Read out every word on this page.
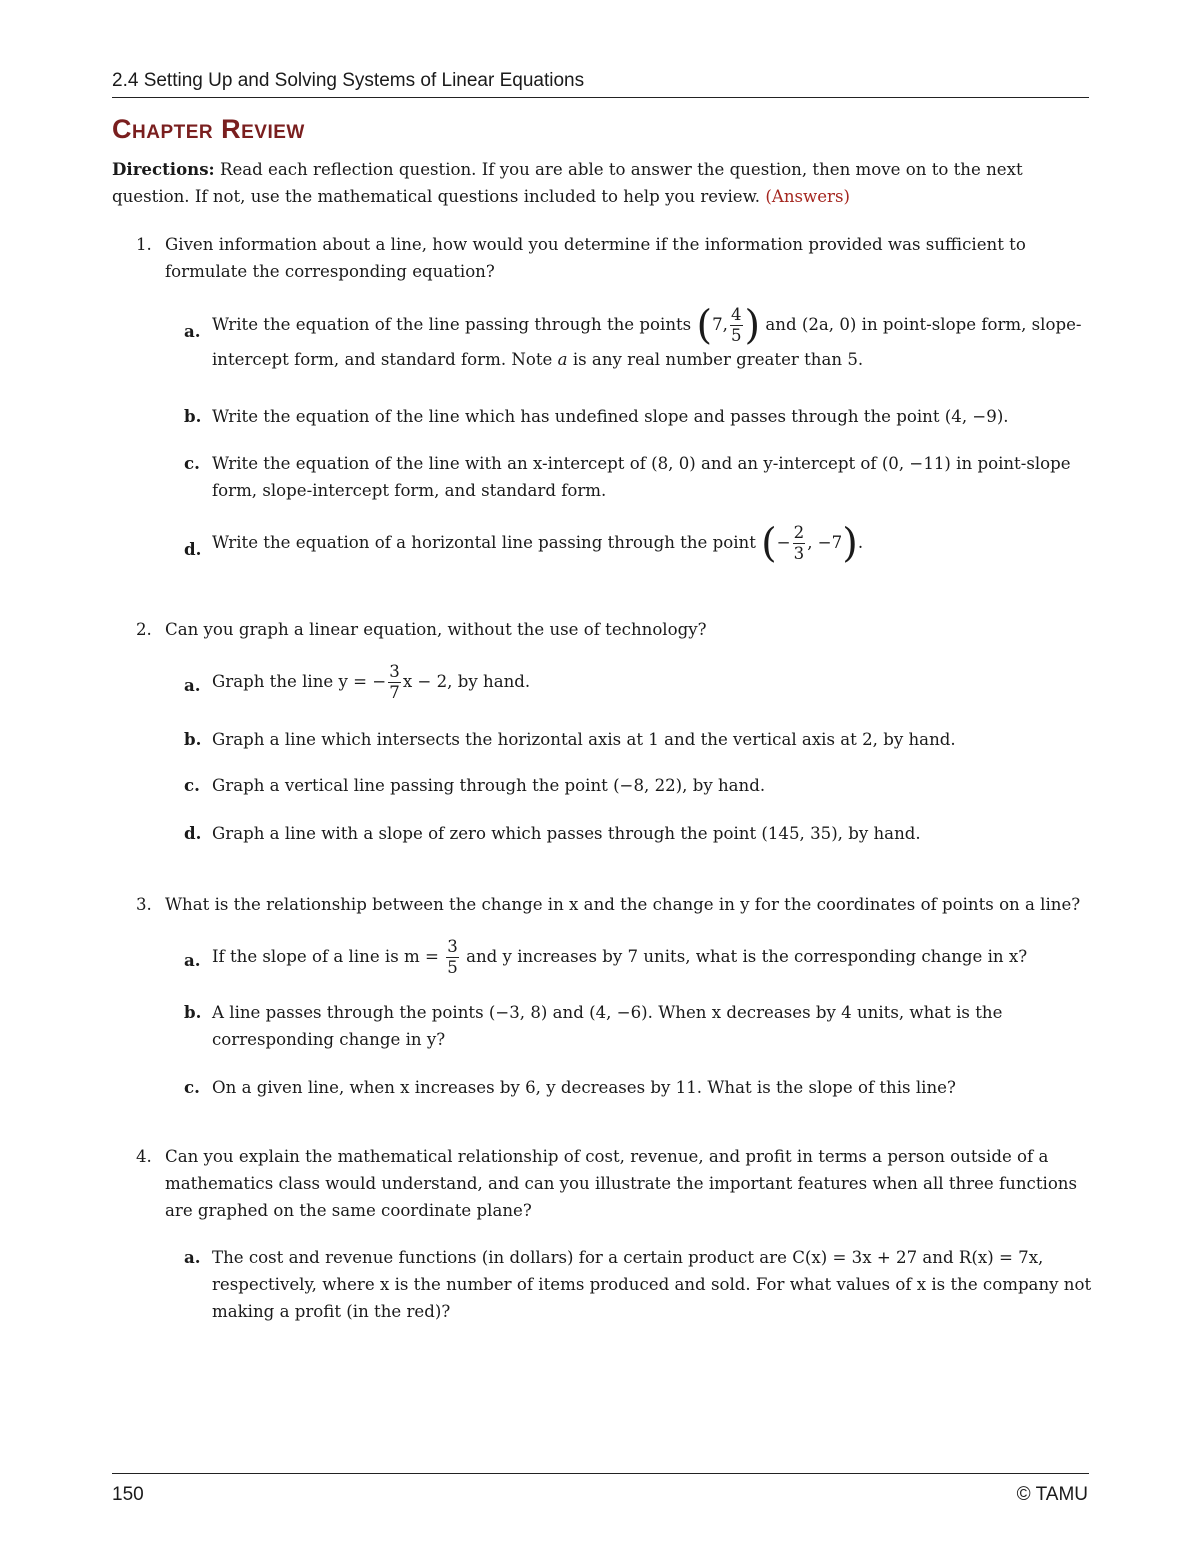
2.4 Setting Up and Solving Systems of Linear Equations
Chapter Review
Directions: Read each reflection question. If you are able to answer the question, then move on to the next question. If not, use the mathematical questions included to help you review. (Answers)
1. Given information about a line, how would you determine if the information provided was sufficient to formulate the corresponding equation?
a. Write the equation of the line passing through the points (7, $\frac{4}{5}$ ) and (2a, 0) in point-slope form, slope-intercept form, and standard form. Note a is any real number greater than 5.
b. Write the equation of the line which has undefined slope and passes through the point (4, −9).
c. Write the equation of the line with an x-intercept of (8, 0) and an y-intercept of (0, −11) in point-slope form, slope-intercept form, and standard form.
d. Write the equation of a horizontal line passing through the point (− $\frac{2}{3}$ , −7).
2. Can you graph a linear equation, without the use of technology?
a. Graph the line y = − $\frac{3}{7}$ x − 2, by hand.
b. Graph a line which intersects the horizontal axis at 1 and the vertical axis at 2, by hand.
c. Graph a vertical line passing through the point (−8, 22), by hand.
d. Graph a line with a slope of zero which passes through the point (145, 35), by hand.
3. What is the relationship between the change in x and the change in y for the coordinates of points on a line?
a. If the slope of a line is $m = \frac{3}{5}$ and y increases by 7 units, what is the corresponding change in x?
b. A line passes through the points (−3, 8) and (4, −6). When x decreases by 4 units, what is the corresponding change in y?
c. On a given line, when x increases by 6, y decreases by 11. What is the slope of this line?
4. Can you explain the mathematical relationship of cost, revenue, and profit in terms a person outside of a mathematics class would understand, and can you illustrate the important features when all three functions are graphed on the same coordinate plane?
a. The cost and revenue functions (in dollars) for a certain product are C(x) = 3x + 27 and R(x) = 7x, respectively, where x is the number of items produced and sold. For what values of x is the company not making a profit (in the red)?
150	© TAMU
